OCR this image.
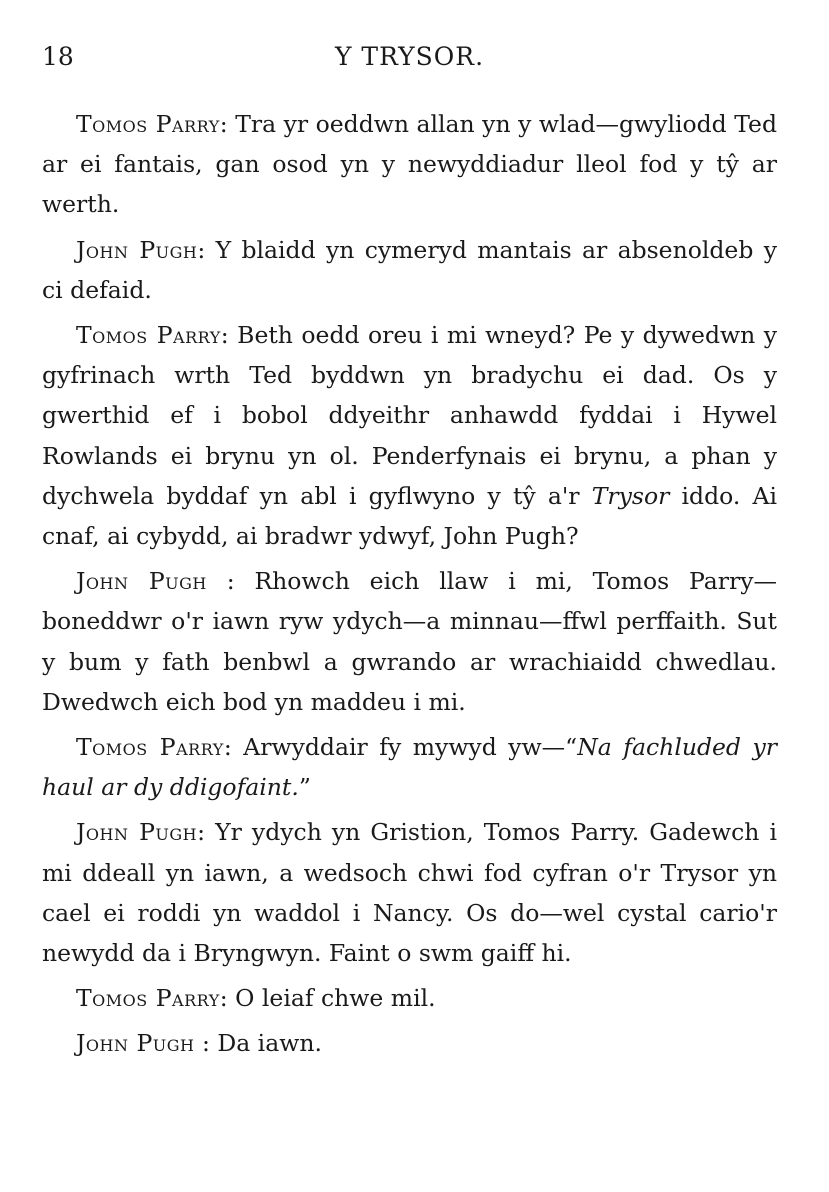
18	Y TRYSOR.

Tomos Parry: Tra yr oeddwn allan yn y wlad—gwyliodd Ted ar ei fantais, gan osod yn y newyddiadur lleol fod y tŷ ar werth.

John Pugh: Y blaidd yn cymeryd mantais ar absenoldeb y ci defaid.

Tomos Parry: Beth oedd oreu i mi wneyd? Pe y dywedwn y gyfrinach wrth Ted byddwn yn bradychu ei dad. Os y gwerthid ef i bobol ddyeithr anhawdd fyddai i Hywel Rowlands ei brynu yn ol. Penderfynais ei brynu, a phan y dychwela byddaf yn abl i gyflwyno y tŷ a'r Trysor iddo. Ai cnaf, ai cybydd, ai bradwr ydwyf, John Pugh?

John Pugh : Rhowch eich llaw i mi, Tomos Parry—boneddwr o'r iawn ryw ydych—a minnau—ffwl perffaith. Sut y bum y fath benbwl a gwrando ar wrachiaidd chwedlau. Dwedwch eich bod yn maddeu i mi.

Tomos Parry: Arwyddair fy mywyd yw—“Na fachluded yr haul ar dy ddigofaint.”

John Pugh: Yr ydych yn Gristion, Tomos Parry. Gadewch i mi ddeall yn iawn, a wedsoch chwi fod cyfran o'r Trysor yn cael ei roddi yn waddol i Nancy. Os do—wel cystal cario'r newydd da i Bryngwyn. Faint o swm gaiff hi.

Tomos Parry: O leiaf chwe mil.

John Pugh : Da iawn.
